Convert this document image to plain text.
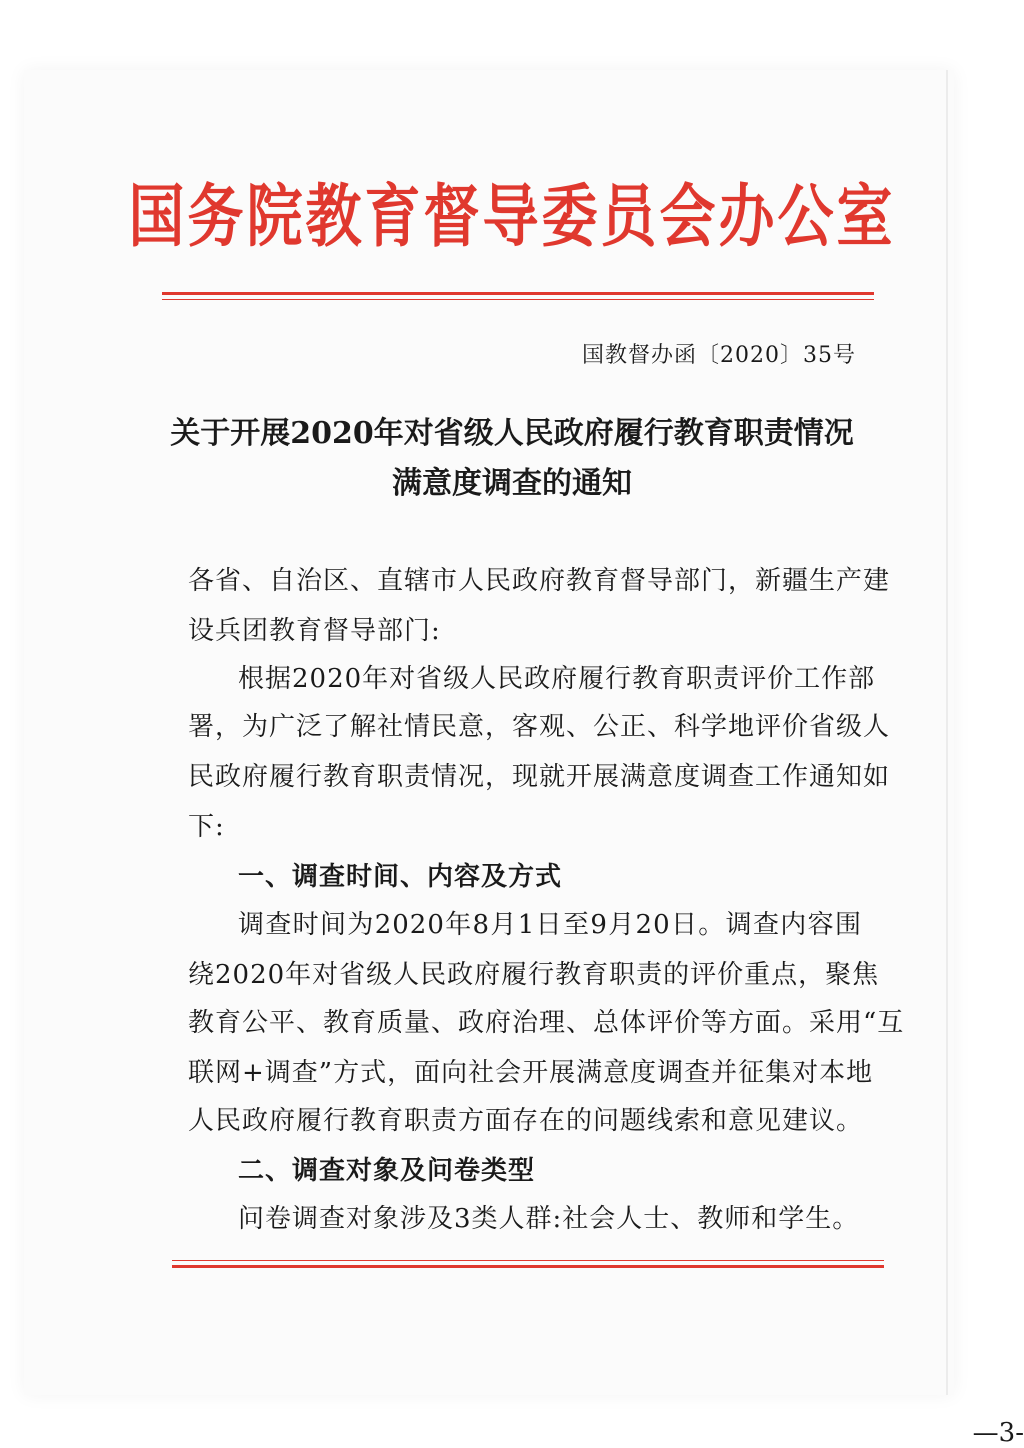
国务院教育督导委员会办公室
国教督办函〔2020〕35号
关于开展2020年对省级人民政府履行教育职责情况
满意度调查的通知
各省、自治区、直辖市人民政府教育督导部门，新疆生产建
设兵团教育督导部门:
根据2020年对省级人民政府履行教育职责评价工作部
署，为广泛了解社情民意，客观、公正、科学地评价省级人
民政府履行教育职责情况，现就开展满意度调查工作通知如
下:
一、调查时间、内容及方式
调查时间为2020年8月1日至9月20日。调查内容围
绕2020年对省级人民政府履行教育职责的评价重点，聚焦
教育公平、教育质量、政府治理、总体评价等方面。采用“互
联网+调查”方式，面向社会开展满意度调查并征集对本地
人民政府履行教育职责方面存在的问题线索和意见建议。
二、调查对象及问卷类型
问卷调查对象涉及3类人群:社会人士、教师和学生。
—3-
